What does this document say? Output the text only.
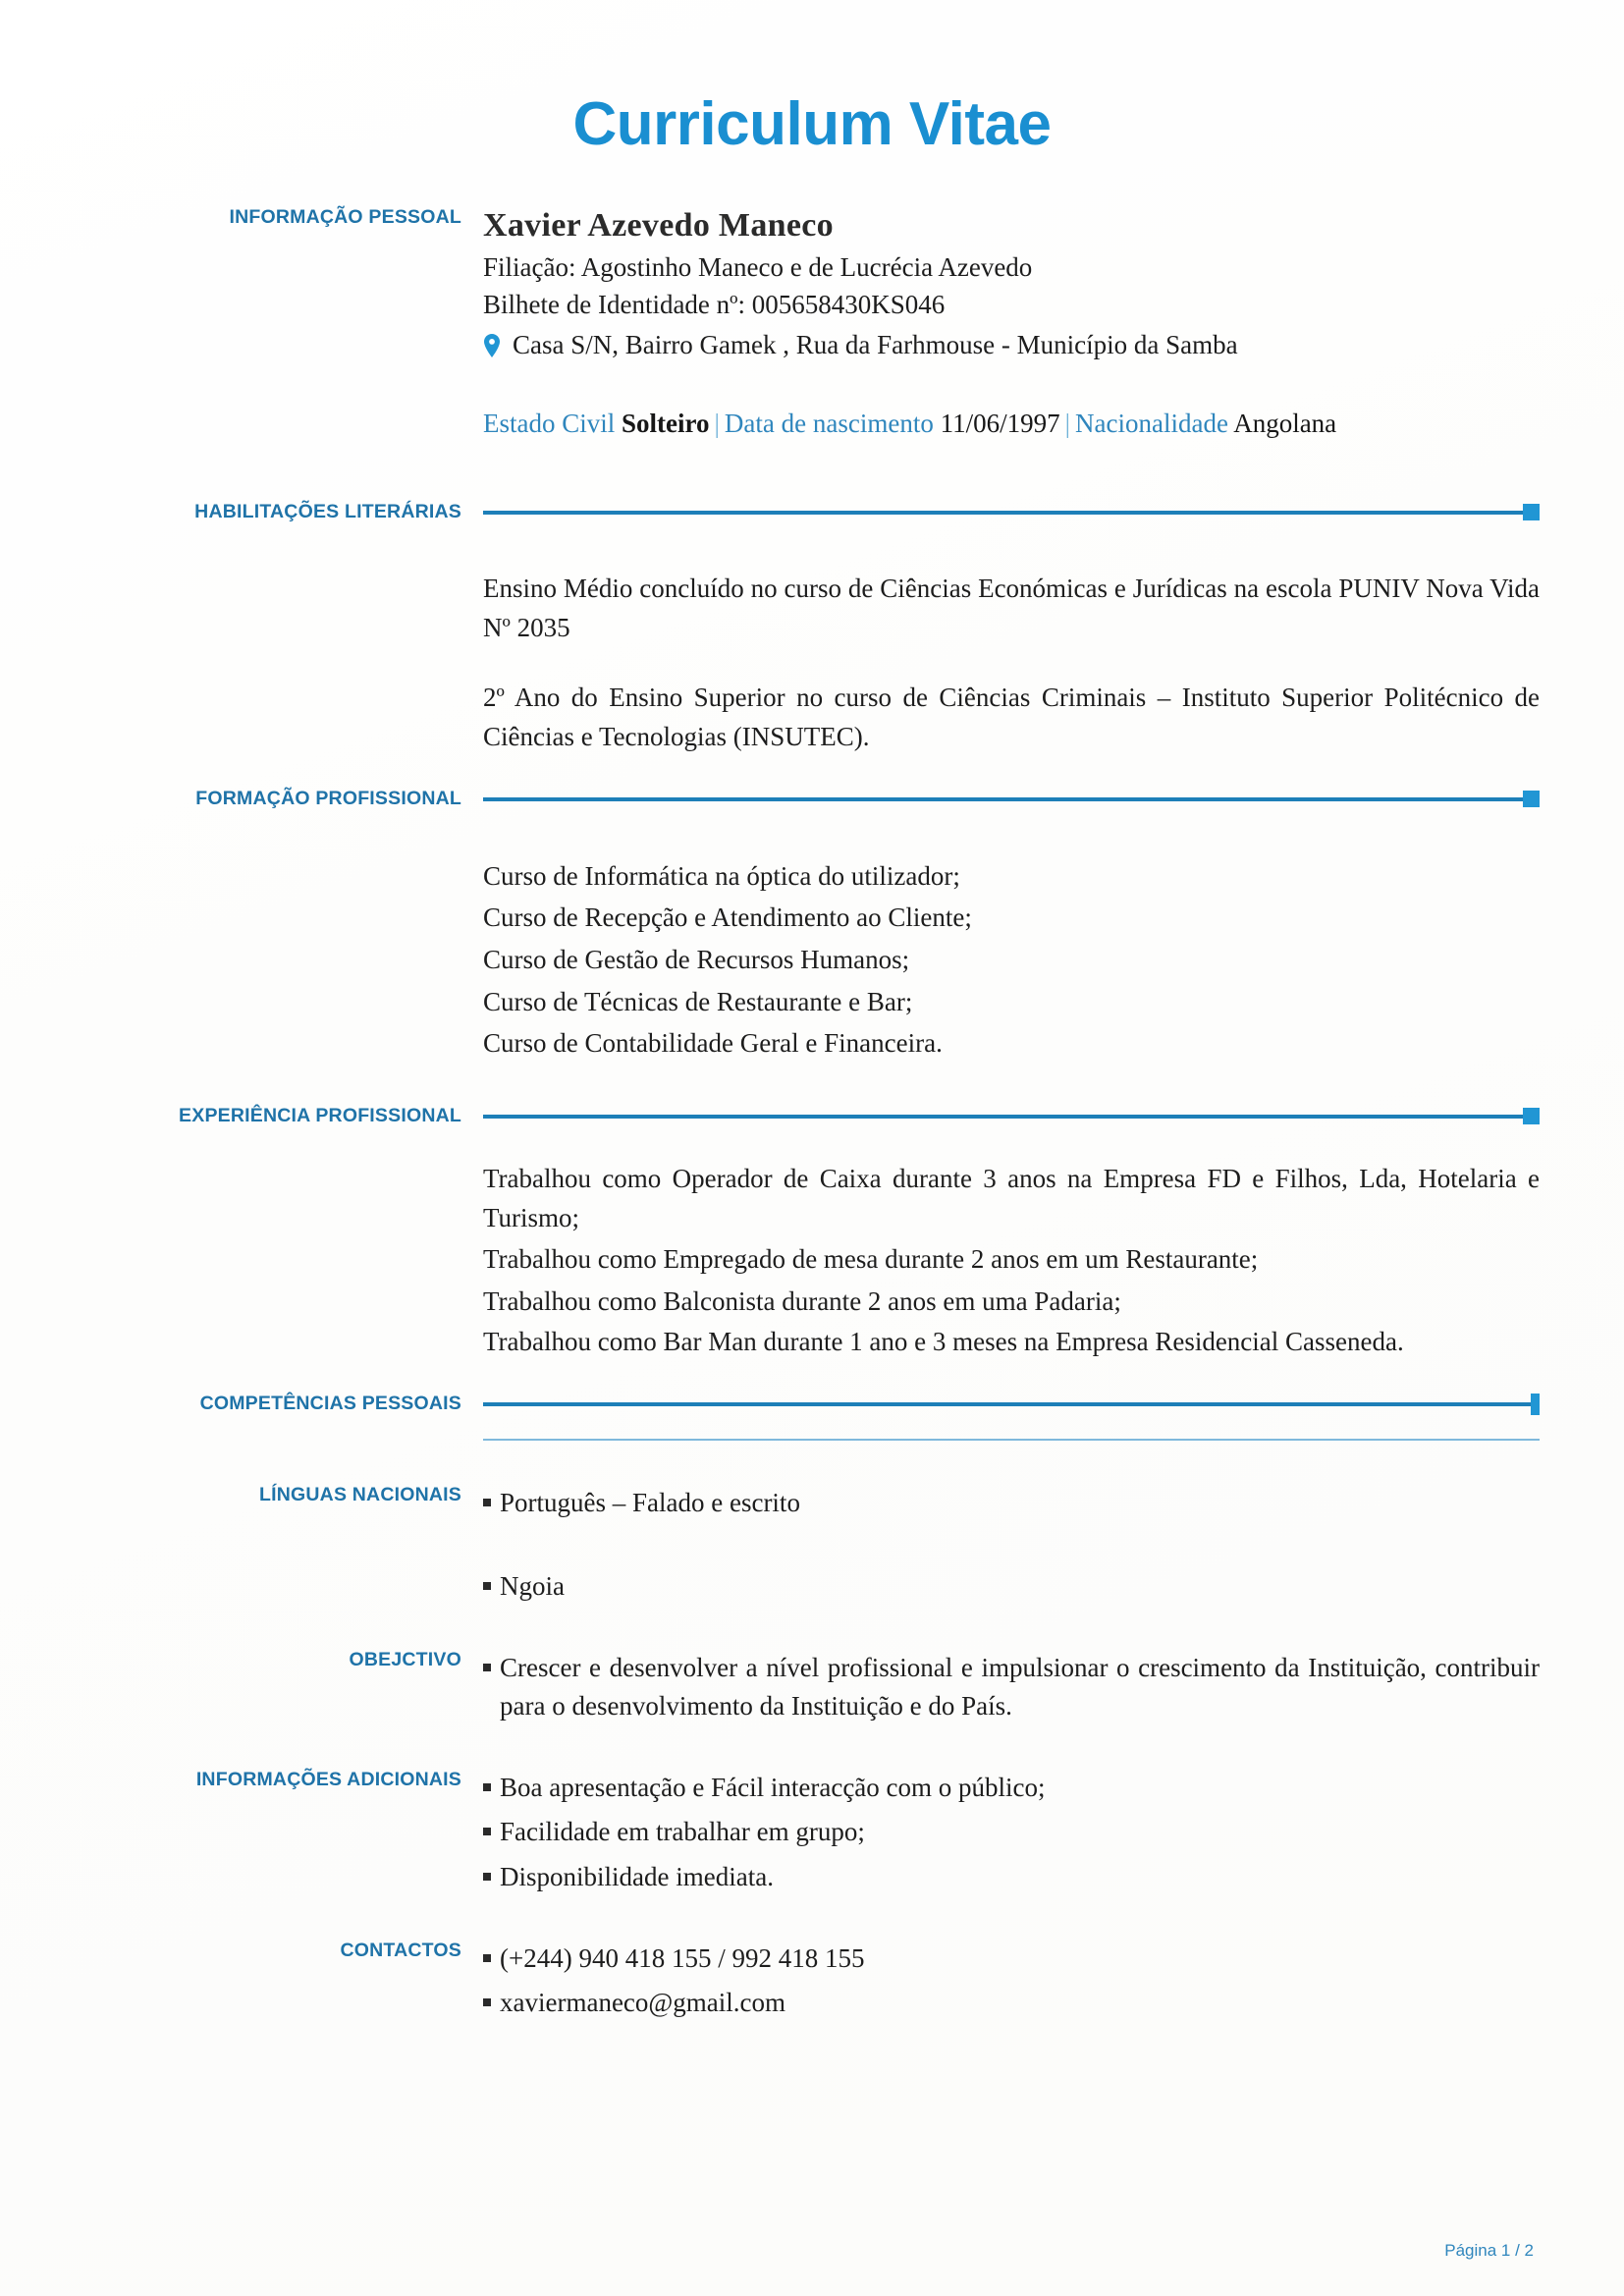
Curriculum Vitae
INFORMAÇÃO PESSOAL Xavier Azevedo Maneco
Filiação: Agostinho Maneco e de Lucrécia Azevedo
Bilhete de Identidade nº: 005658430KS046
Casa S/N, Bairro Gamek , Rua da Farhmouse - Município da Samba
Estado Civil Solteiro | Data de nascimento 11/06/1997 | Nacionalidade Angolana
HABILITAÇÕES LITERÁRIAS
Ensino Médio concluído no curso de Ciências Económicas e Jurídicas na escola PUNIV Nova Vida Nº 2035
2º Ano do Ensino Superior no curso de Ciências Criminais – Instituto Superior Politécnico de Ciências e Tecnologias (INSUTEC).
FORMAÇÃO PROFISSIONAL
Curso de Informática na óptica do utilizador;
Curso de Recepção e Atendimento ao Cliente;
Curso de Gestão de Recursos Humanos;
Curso de Técnicas de Restaurante e Bar;
Curso de Contabilidade Geral e Financeira.
EXPERIÊNCIA PROFISSIONAL
Trabalhou como Operador de Caixa durante 3 anos na Empresa FD e Filhos, Lda, Hotelaria e Turismo;
Trabalhou como Empregado de mesa durante 2 anos em um Restaurante;
Trabalhou como Balconista durante 2 anos em uma Padaria;
Trabalhou como Bar Man durante 1 ano e 3 meses na Empresa Residencial Casseneda.
COMPETÊNCIAS PESSOAIS
LÍNGUAS NACIONAIS	Português – Falado e escrito
Ngoia
OBEJCTIVO	Crescer e desenvolver a nível profissional e impulsionar o crescimento da Instituição, contribuir para o desenvolvimento da Instituição e do País.
INFORMAÇÕES ADICIONAIS	Boa apresentação e Fácil interacção com o público;
Facilidade em trabalhar em grupo;
Disponibilidade imediata.
CONTACTOS	(+244) 940 418 155 / 992 418 155
xaviermaneco@gmail.com
Página 1 / 2
